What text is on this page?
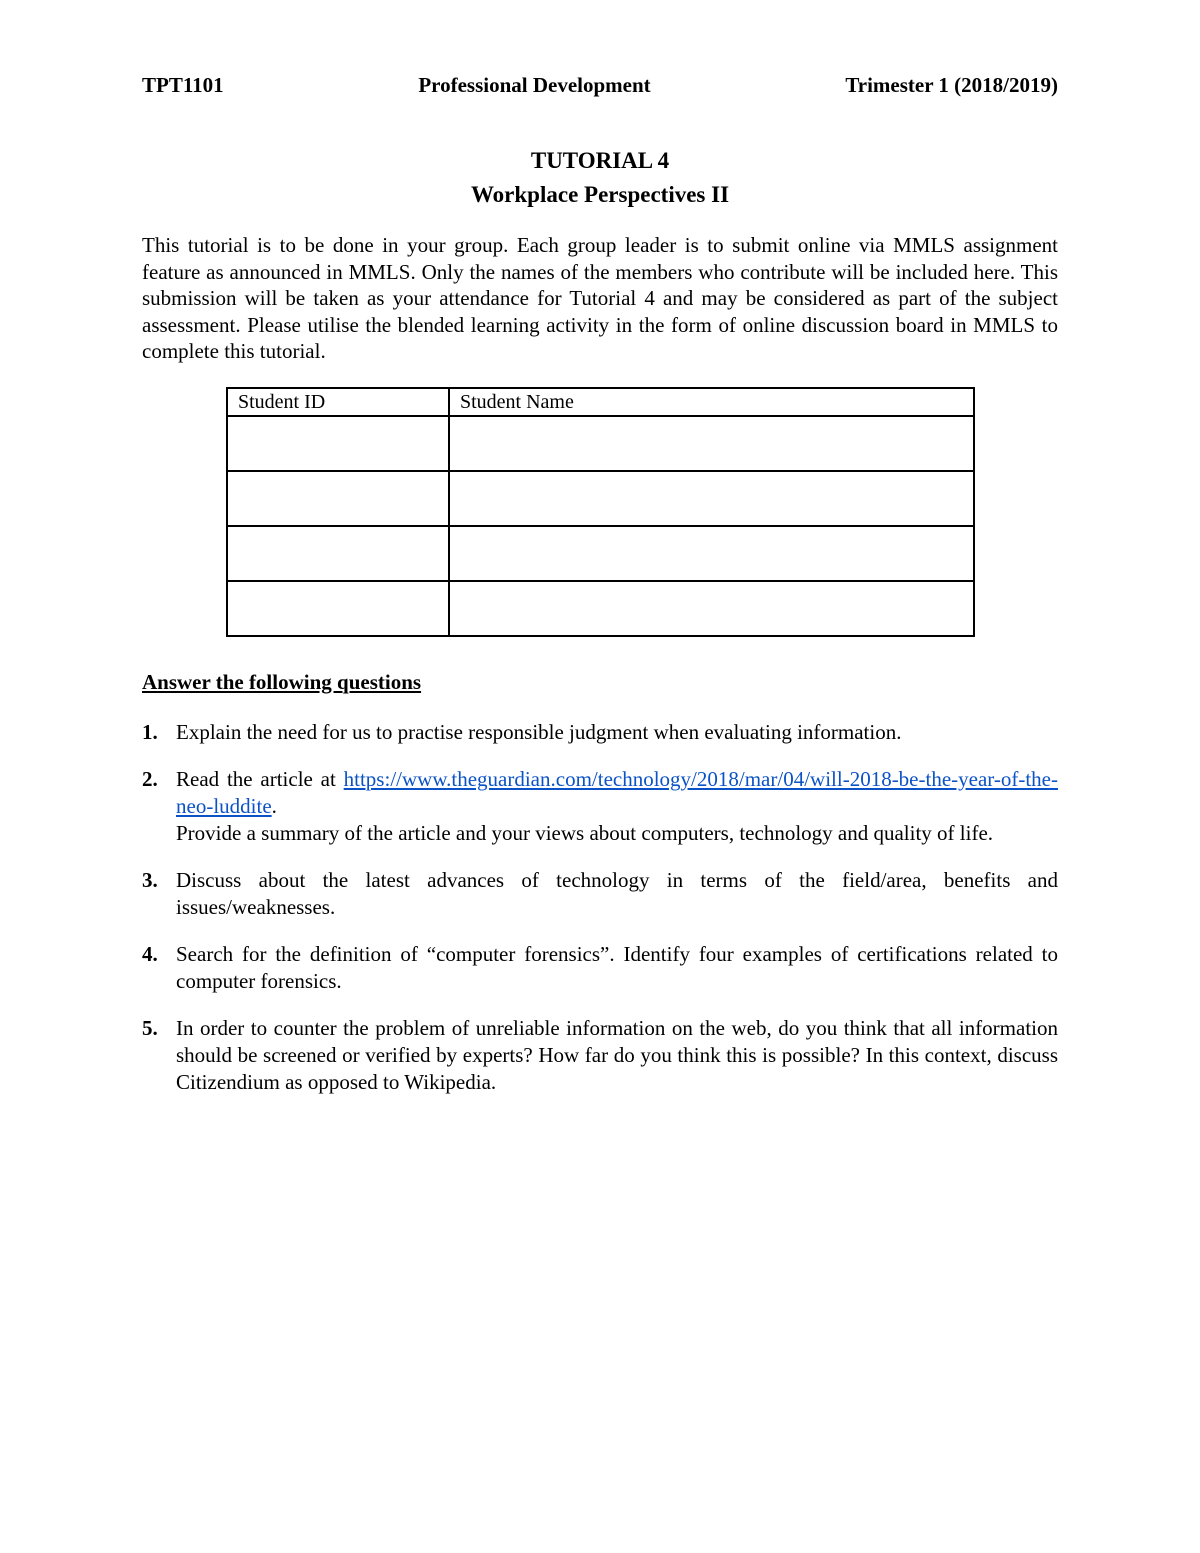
TPT1101	Professional Development	Trimester 1 (2018/2019)
TUTORIAL 4
Workplace Perspectives II
This tutorial is to be done in your group. Each group leader is to submit online via MMLS assignment feature as announced in MMLS. Only the names of the members who contribute will be included here. This submission will be taken as your attendance for Tutorial 4 and may be considered as part of the subject assessment. Please utilise the blended learning activity in the form of online discussion board in MMLS to complete this tutorial.
Student ID	Student Name

Answer the following questions
1. Explain the need for us to practise responsible judgment when evaluating information.
2. Read the article at https://www.theguardian.com/technology/2018/mar/04/will-2018-be-the-year-of-the-neo-luddite.
Provide a summary of the article and your views about computers, technology and quality of life.
3. Discuss about the latest advances of technology in terms of the field/area, benefits and issues/weaknesses.
4. Search for the definition of “computer forensics”. Identify four examples of certifications related to computer forensics.
5. In order to counter the problem of unreliable information on the web, do you think that all information should be screened or verified by experts? How far do you think this is possible? In this context, discuss Citizendium as opposed to Wikipedia.
